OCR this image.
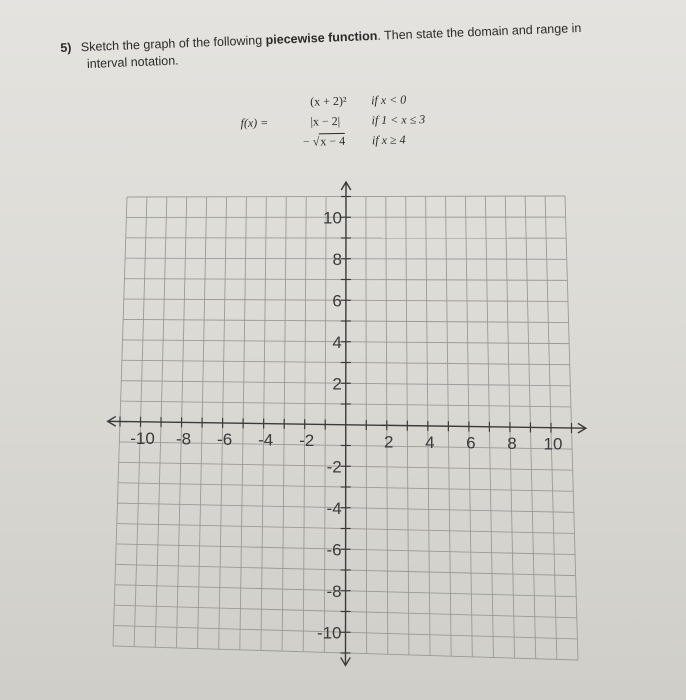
5) Sketch the graph of the following piecewise function. Then state the domain and range in
interval notation.
f(x) =
(x + 2)² if x < 0
|x − 2|	if 1 < x ≤ 3
− √x − 4 if x ≥ 4
-10 -8 -6 -4 -2	2 4 6 8 10
10
8
6
4
2
-2
-4
-6
-8
-10
